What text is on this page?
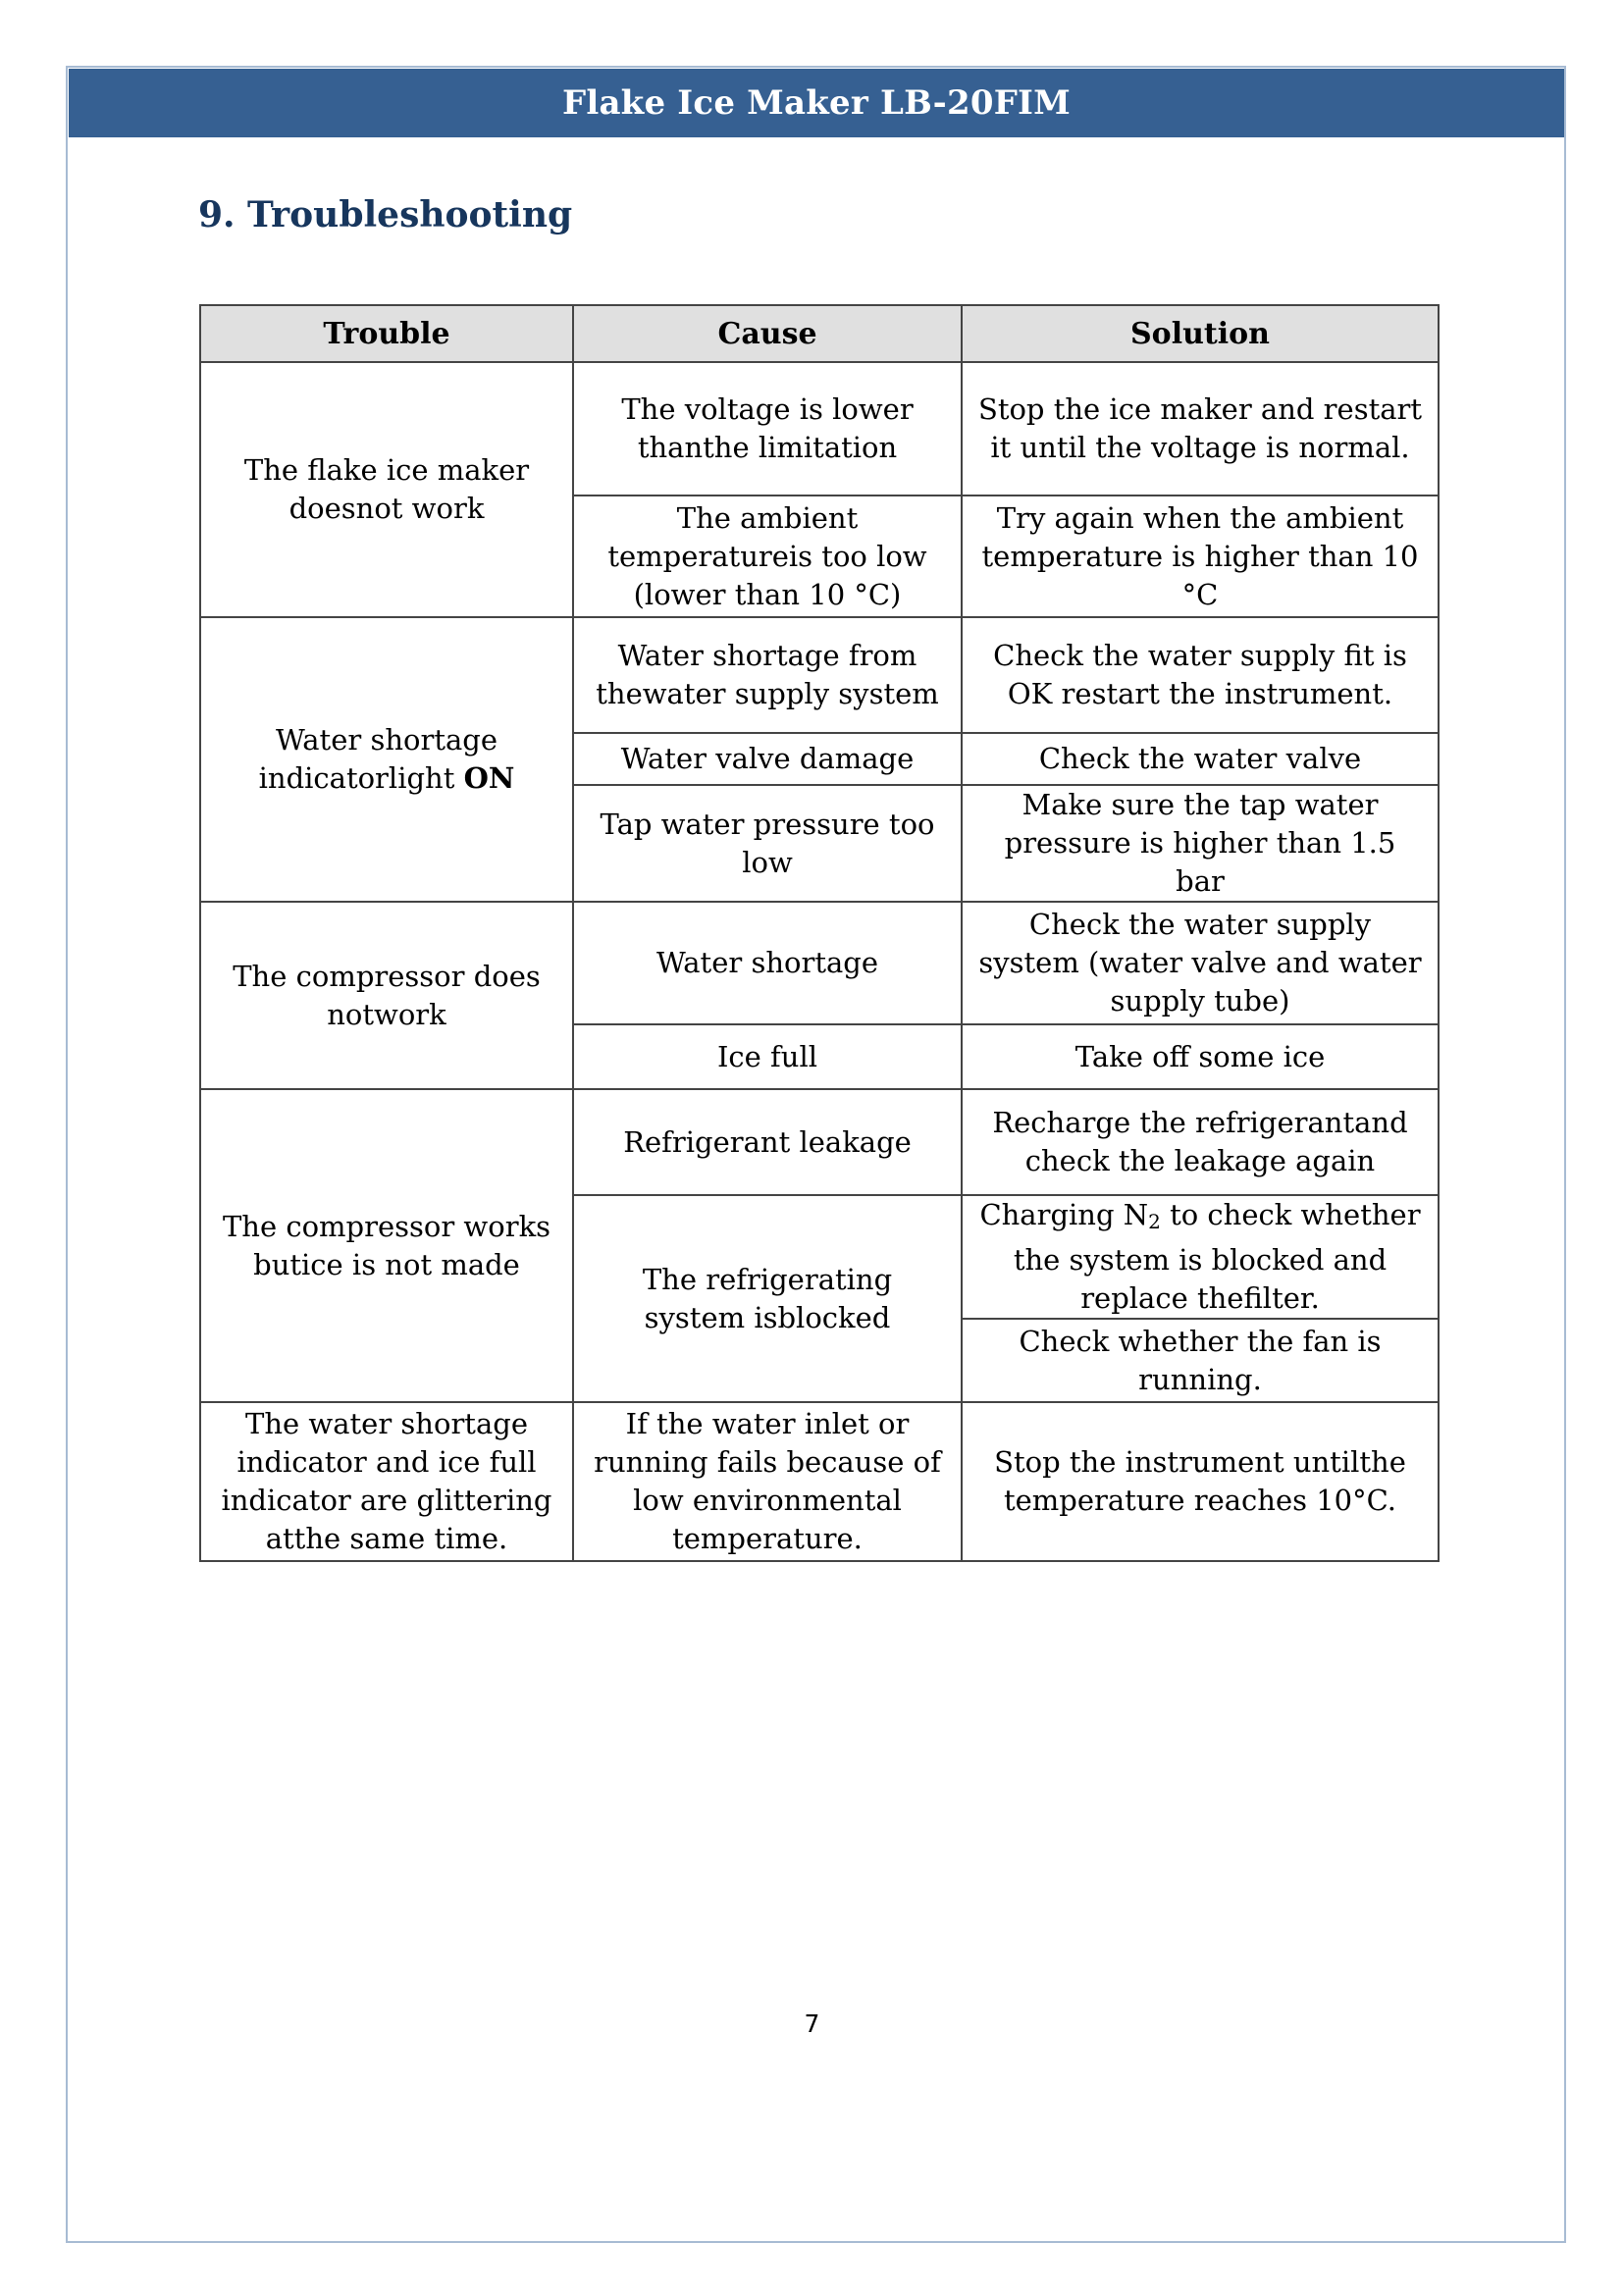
Flake Ice Maker LB-20FIM
9. Troubleshooting
Trouble	Cause	Solution
The flake ice maker doesnot work	The voltage is lower thanthe limitation	Stop the ice maker and restart it until the voltage is normal.
	The ambient temperatureis too low (lower than 10 °C)	Try again when the ambient temperature is higher than 10 °C
Water shortage indicatorlight ON	Water shortage from thewater supply system	Check the water supply fit is OK restart the instrument.
	Water valve damage	Check the water valve
	Tap water pressure too low	Make sure the tap water pressure is higher than 1.5 bar
The compressor does notwork	Water shortage	Check the water supply system (water valve and water supply tube)
	Ice full	Take off some ice
The compressor works butice is not made	Refrigerant leakage	Recharge the refrigerantand check the leakage again
	The refrigerating system isblocked	Charging $N_2$ to check whether the system is blocked and replace thefilter.
		Check whether the fan is running.
The water shortage indicator and ice full indicator are glittering atthe same time.	If the water inlet or running fails because of low environmental temperature.	Stop the instrument untilthe temperature reaches 10°C.
7
